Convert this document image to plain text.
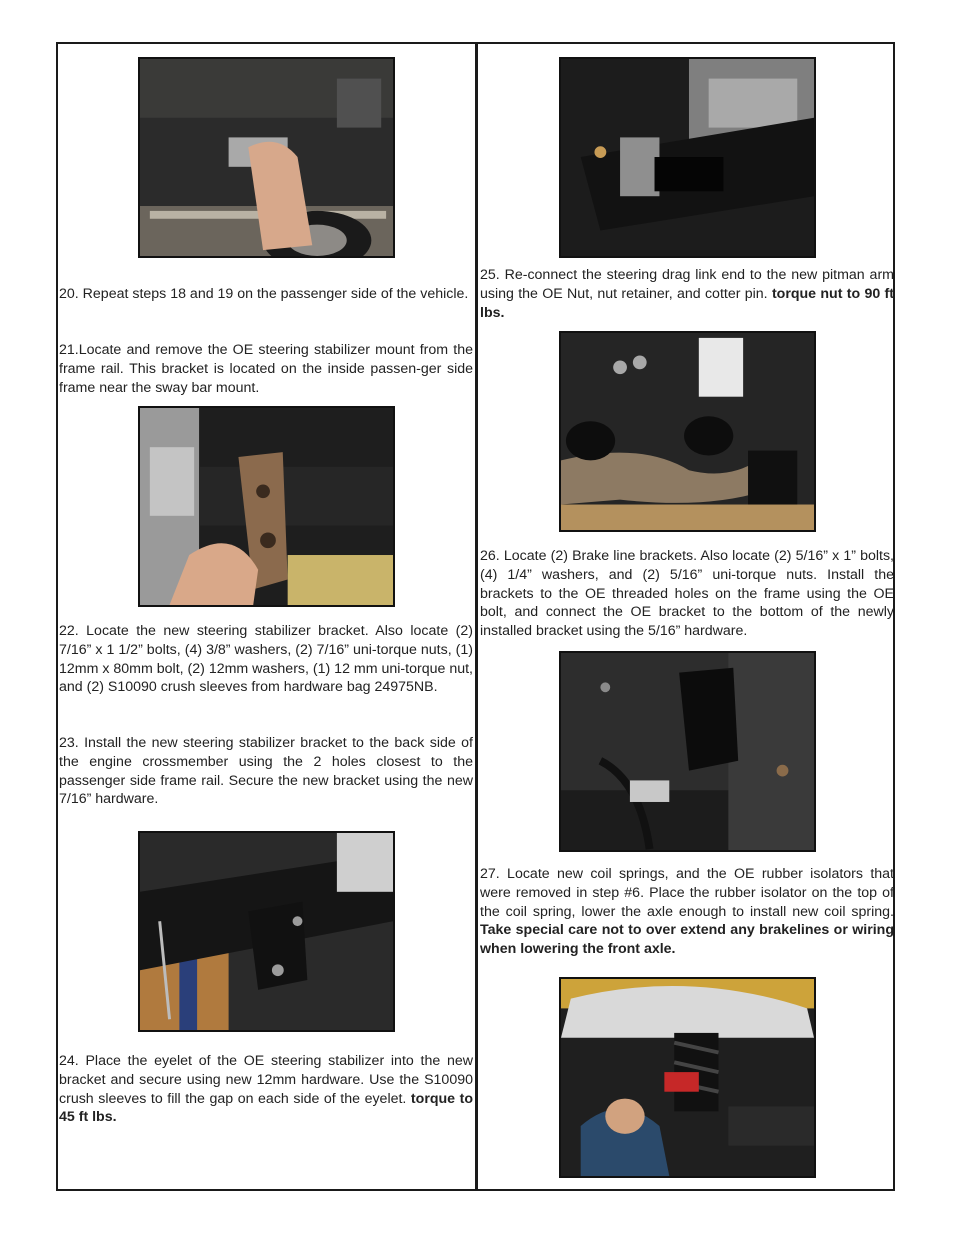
20. Repeat steps 18 and 19 on the passenger side of the vehicle.

21.Locate and remove the OE steering stabilizer mount from the frame rail. This bracket is located on the inside passen-ger side frame near the sway bar mount.

22. Locate the new steering stabilizer bracket. Also locate (2) 7/16” x 1 1/2” bolts, (4) 3/8” washers, (2) 7/16” uni-torque nuts, (1) 12mm x 80mm bolt, (2) 12mm washers, (1) 12 mm uni-torque nut, and (2) S10090 crush sleeves from hardware bag 24975NB.

23. Install the new steering stabilizer bracket to the back side of the engine crossmember using the 2 holes closest to the passenger side frame rail. Secure the new bracket using the new 7/16” hardware.

24. Place the eyelet of the OE steering stabilizer into the new bracket and secure using new 12mm hardware. Use the S10090 crush sleeves to fill the gap on each side of the eyelet. torque to 45 ft lbs.

25. Re-connect the steering drag link end to the new pitman arm using the OE Nut, nut retainer, and cotter pin. torque nut to 90 ft lbs.

26. Locate (2) Brake line brackets. Also locate (2) 5/16” x 1” bolts, (4) 1/4” washers, and (2) 5/16” uni-torque nuts. Install the brackets to the OE threaded holes on the frame using the OE bolt, and connect the OE bracket to the bottom of the newly installed bracket using the 5/16” hardware.

27. Locate new coil springs, and the OE rubber isolators that were removed in step #6. Place the rubber isolator on the top of the coil spring, lower the axle enough to install new coil spring. Take special care not to over extend any brakelines or wiring when lowering the front axle.
